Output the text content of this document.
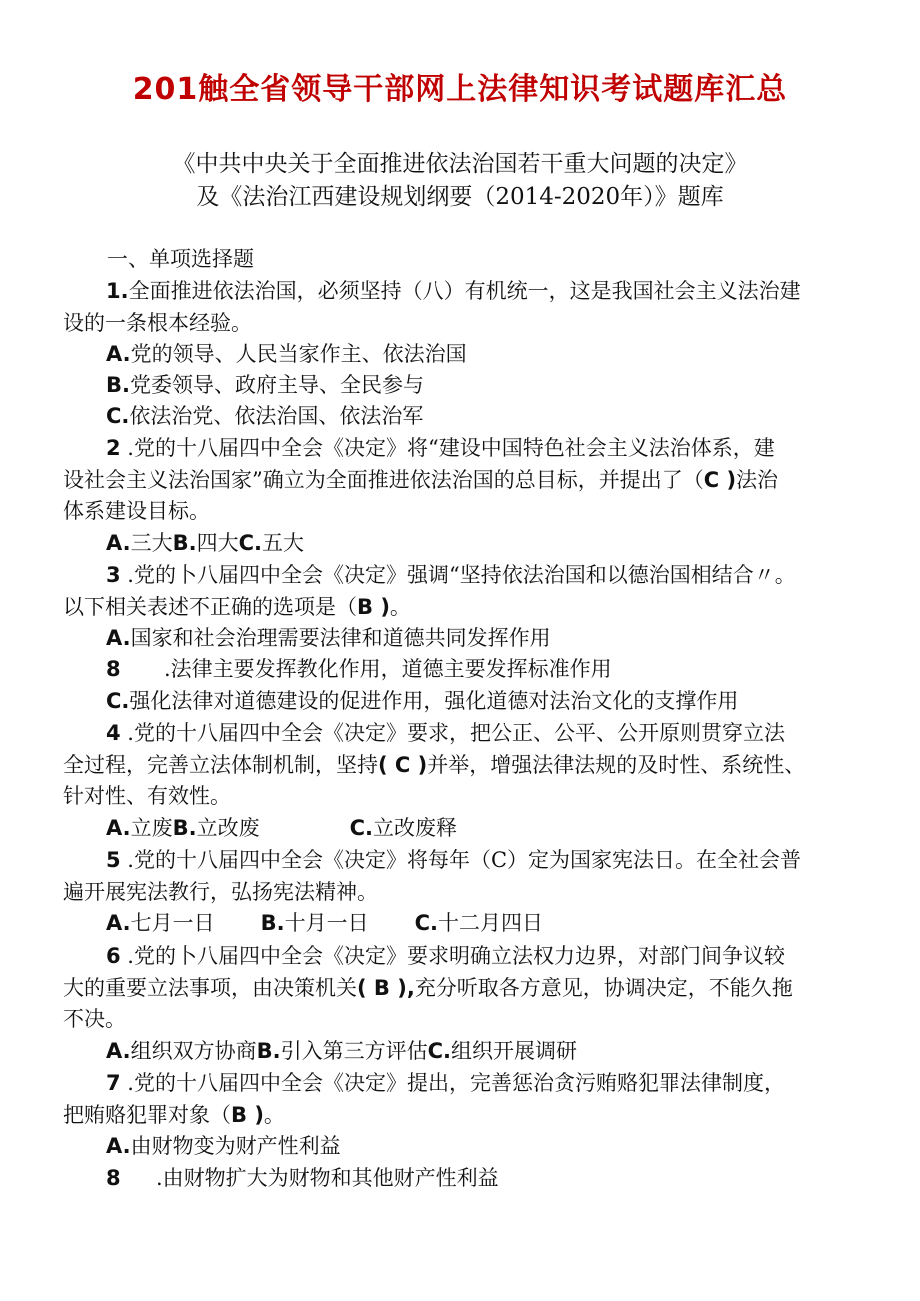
201触全省领导干部网上法律知识考试题库汇总
《中共中央关于全面推进依法治国若干重大问题的决定》
及《法治江西建设规划纲要（2014-2020年）》题库
一、单项选择题
1.全面推进依法治国，必须坚持（八）有机统一，这是我国社会主义法治建
设的一条根本经验。
A.党的领导、人民当家作主、依法治国
B.党委领导、政府主导、全民参与
C.依法治党、依法治国、依法治军
2 .党的十八届四中全会《决定》将“建设中国特色社会主义法治体系，建
设社会主义法治国家”确立为全面推进依法治国的总目标，并提出了（C )法治
体系建设目标。
A.三大B.四大C.五大
3 .党的卜八届四中全会《决定》强调“坚持依法治国和以德治国相结合〃。
以下相关表述不正确的选项是（B )。
A.国家和社会治理需要法律和道德共同发挥作用
8 .法律主要发挥教化作用，道德主要发挥标准作用
C.强化法律对道德建设的促进作用，强化道德对法治文化的支撑作用
4 .党的十八届四中全会《决定》要求，把公正、公平、公开原则贯穿立法
全过程，完善立法体制机制，坚持( C )并举，增强法律法规的及时性、系统性、
针对性、有效性。
A.立废B.立改废	C.立改废释
5 .党的十八届四中全会《决定》将每年（C）定为国家宪法日。在全社会普
遍开展宪法教行，弘扬宪法精神。
A.七月一日 B.十月一日 C.十二月四日
6 .党的卜八届四中全会《决定》要求明确立法权力边界，对部门间争议较
大的重要立法事项，由决策机关( B ),充分听取各方意见，协调决定，不能久拖
不决。
A.组织双方协商B.引入第三方评估C.组织开展调研
7 .党的十八届四中全会《决定》提出，完善惩治贪污贿赂犯罪法律制度，
把贿赂犯罪对象（B )。
A.由财物变为财产性利益
8 .由财物扩大为财物和其他财产性利益
